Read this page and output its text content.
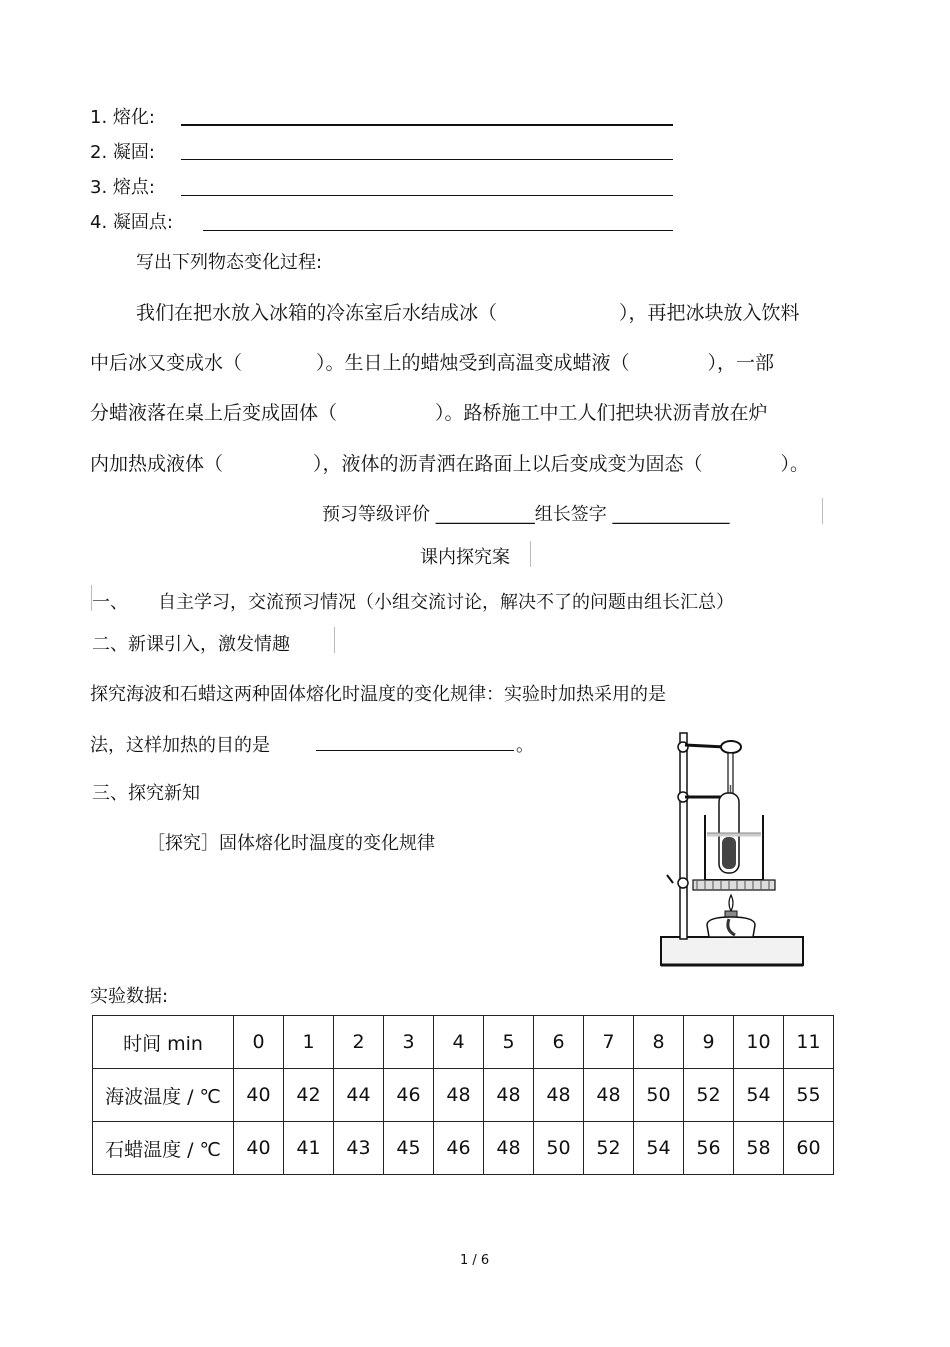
1. 熔化:
2. 凝固:
3. 熔点:
4. 凝固点:
写出下列物态变化过程:
我们在把水放入冰箱的冷冻室后水结成冰（	），再把冰块放入饮料
中后冰又变成水（	）。生日上的蜡烛受到高温变成蜡液（	），一部
分蜡液落在桌上后变成固体（	）。路桥施工中工人们把块状沥青放在炉
内加热成液体（	），液体的沥青洒在路面上以后变成变为固态（	）。
预习等级评价 ___________组长签字 _____________
课内探究案
一、 自主学习，交流预习情况（小组交流讨论，解决不了的问题由组长汇总）
二、新课引入，激发情趣
探究海波和石蜡这两种固体熔化时温度的变化规律：实验时加热采用的是
法，这样加热的目的是	。
三、探究新知
［探究］固体熔化时温度的变化规律
实验数据:
时间 min	0	1	2	3	4	5	6	7	8	9	10	11
海波温度 / ℃	40	42	44	46	48	48	48	48	50	52	54	55
石蜡温度 / ℃	40	41	43	45	46	48	50	52	54	56	58	60
1 / 6
